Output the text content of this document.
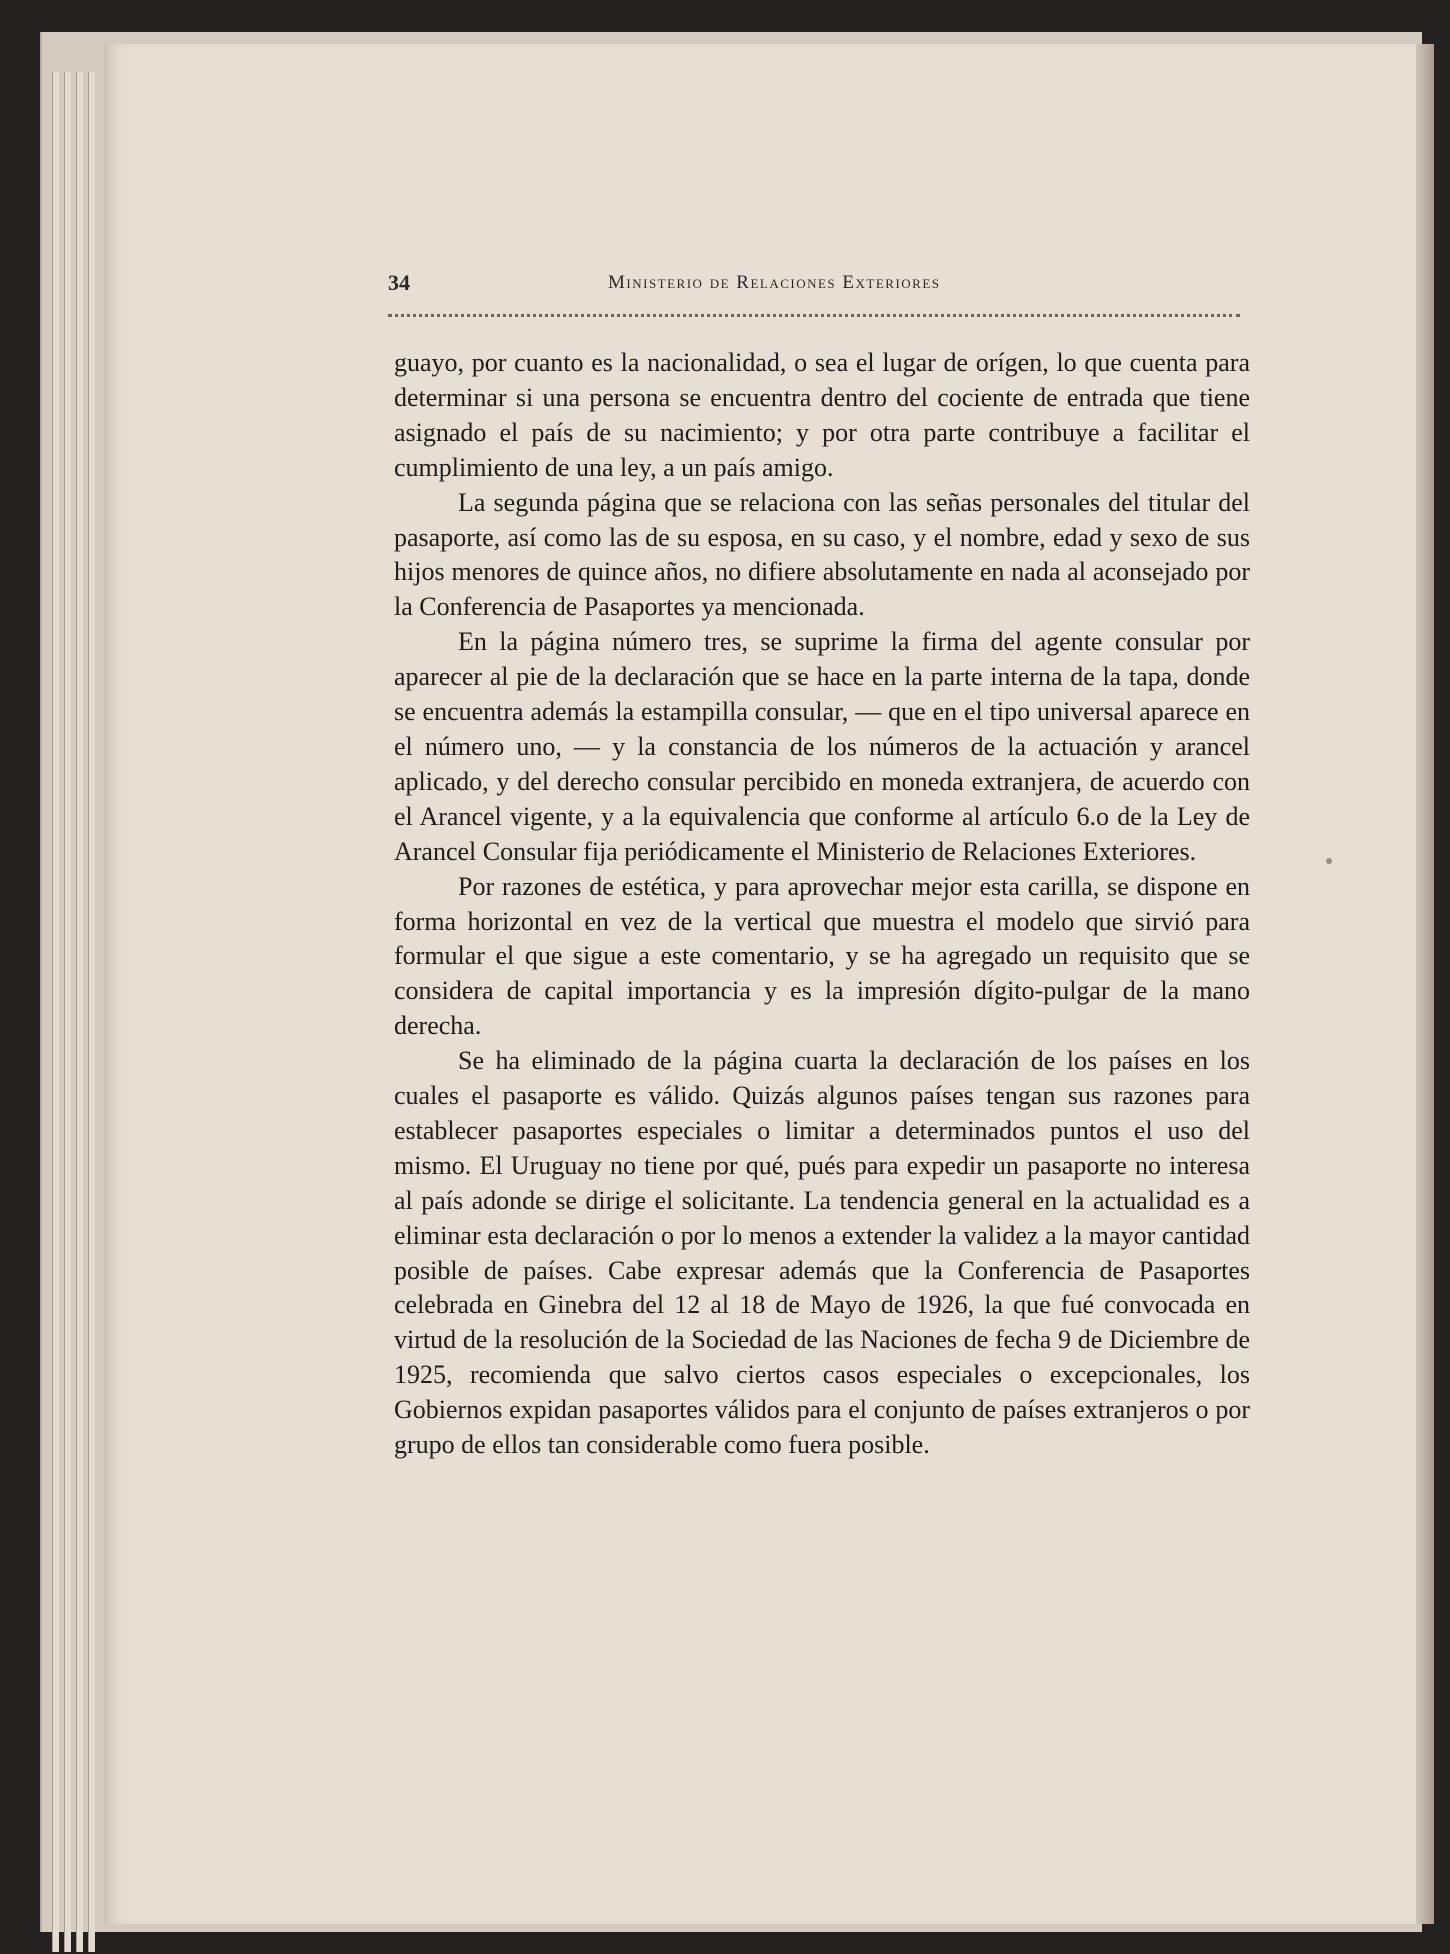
34	Ministerio de Relaciones Exteriores

guayo, por cuanto es la nacionalidad, o sea el lugar de orígen, lo que cuenta para determinar si una persona se encuentra dentro del cociente de entrada que tiene asignado el país de su nacimiento; y por otra parte contribuye a facilitar el cumplimiento de una ley, a un país amigo.

La segunda página que se relaciona con las señas personales del titular del pasaporte, así como las de su esposa, en su caso, y el nombre, edad y sexo de sus hijos menores de quince años, no difiere absolutamente en nada al aconsejado por la Conferencia de Pasaportes ya mencionada.

En la página número tres, se suprime la firma del agente consular por aparecer al pie de la declaración que se hace en la parte interna de la tapa, donde se encuentra además la estampilla consular, — que en el tipo universal aparece en el número uno, — y la constancia de los números de la actuación y arancel aplicado, y del derecho consular percibido en moneda extranjera, de acuerdo con el Arancel vigente, y a la equivalencia que conforme al artículo 6.o de la Ley de Arancel Consular fija periódicamente el Ministerio de Relaciones Exteriores.

Por razones de estética, y para aprovechar mejor esta carilla, se dispone en forma horizontal en vez de la vertical que muestra el modelo que sirvió para formular el que sigue a este comentario, y se ha agregado un requisito que se considera de capital importancia y es la impresión dígito-pulgar de la mano derecha.

Se ha eliminado de la página cuarta la declaración de los países en los cuales el pasaporte es válido. Quizás algunos países tengan sus razones para establecer pasaportes especiales o limitar a determinados puntos el uso del mismo. El Uruguay no tiene por qué, pués para expedir un pasaporte no interesa al país adonde se dirige el solicitante. La tendencia general en la actualidad es a eliminar esta declaración o por lo menos a extender la validez a la mayor cantidad posible de países. Cabe expresar además que la Conferencia de Pasaportes celebrada en Ginebra del 12 al 18 de Mayo de 1926, la que fué convocada en virtud de la resolución de la Sociedad de las Naciones de fecha 9 de Diciembre de 1925, recomienda que salvo ciertos casos especiales o excepcionales, los Gobiernos expidan pasaportes válidos para el conjunto de países extranjeros o por grupo de ellos tan considerable como fuera posible.
